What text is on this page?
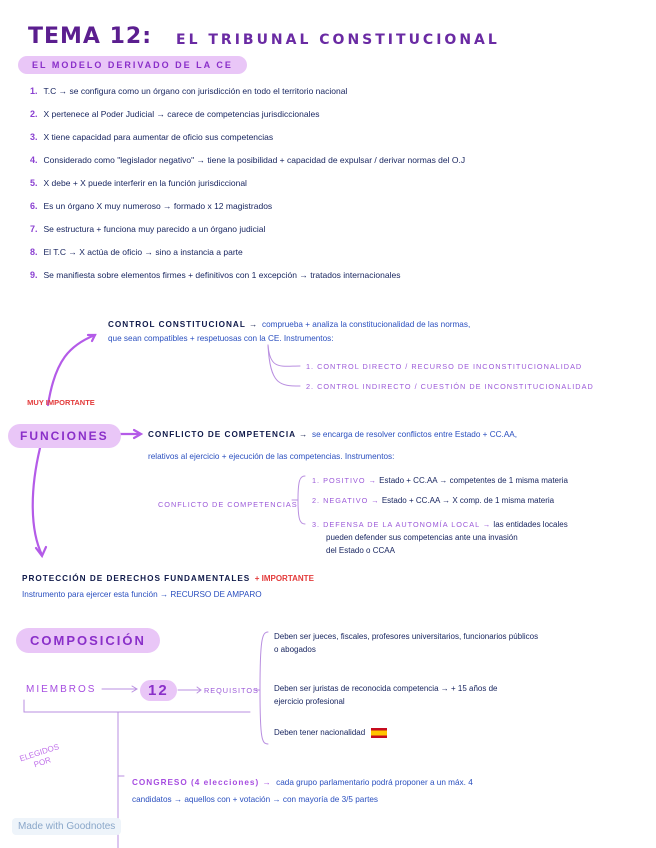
TEMA 12: EL TRIBUNAL CONSTITUCIONAL
EL MODELO DERIVADO DE LA CE
1. T.C → se configura como un órgano con jurisdicción en todo el territorio nacional
2. X pertenece al Poder Judicial → carece de competencias jurisdiccionales
3. X tiene capacidad para aumentar de oficio sus competencias
4. Considerado como "legislador negativo" → tiene la posibilidad + capacidad de expulsar / derivar normas del O.J
5. X debe + X puede interferir en la función jurisdiccional
6. Es un órgano X muy numeroso → formado x 12 magistrados
7. Se estructura + funciona muy parecido a un órgano judicial
8. El T.C → X actúa de oficio → sino a instancia a parte
9. Se manifiesta sobre elementos firmes + definitivos con 1 excepción → tratados internacionales
CONTROL CONSTITUCIONAL → comprueba + analiza la constitucionalidad de las normas,
que sean compatibles + respetuosas con la CE. Instrumentos:
1. CONTROL DIRECTO / RECURSO DE INCONSTITUCIONALIDAD
2. CONTROL INDIRECTO / CUESTIÓN DE INCONSTITUCIONALIDAD
MUY IMPORTANTE
FUNCIONES	CONFLICTO DE COMPETENCIA → se encarga de resolver conflictos entre Estado + CC.AA,
relativos al ejercicio + ejecución de las competencias. Instrumentos:
CONFLICTO DE COMPETENCIAS
1. POSITIVO → Estado + CC.AA → competentes de 1 misma materia
2. NEGATIVO → Estado + CC.AA → X comp. de 1 misma materia
3. DEFENSA DE LA AUTONOMÍA LOCAL → las entidades locales
pueden defender sus competencias ante una invasión
del Estado o CCAA
PROTECCIÓN DE DERECHOS FUNDAMENTALES + IMPORTANTE
Instrumento para ejercer esta función → RECURSO DE AMPARO
COMPOSICIÓN
MIEMBROS	12	REQUISITOS
Deben ser jueces, fiscales, profesores universitarios, funcionarios públicos
o abogados
Deben ser juristas de reconocida competencia → + 15 años de
ejercicio profesional
Deben tener nacionalidad
ELEGIDOS POR
CONGRESO (4 elecciones) → cada grupo parlamentario podrá proponer a un máx. 4
candidatos → aquellos con + votación → con mayoría de 3/5 partes
Made with Goodnotes
